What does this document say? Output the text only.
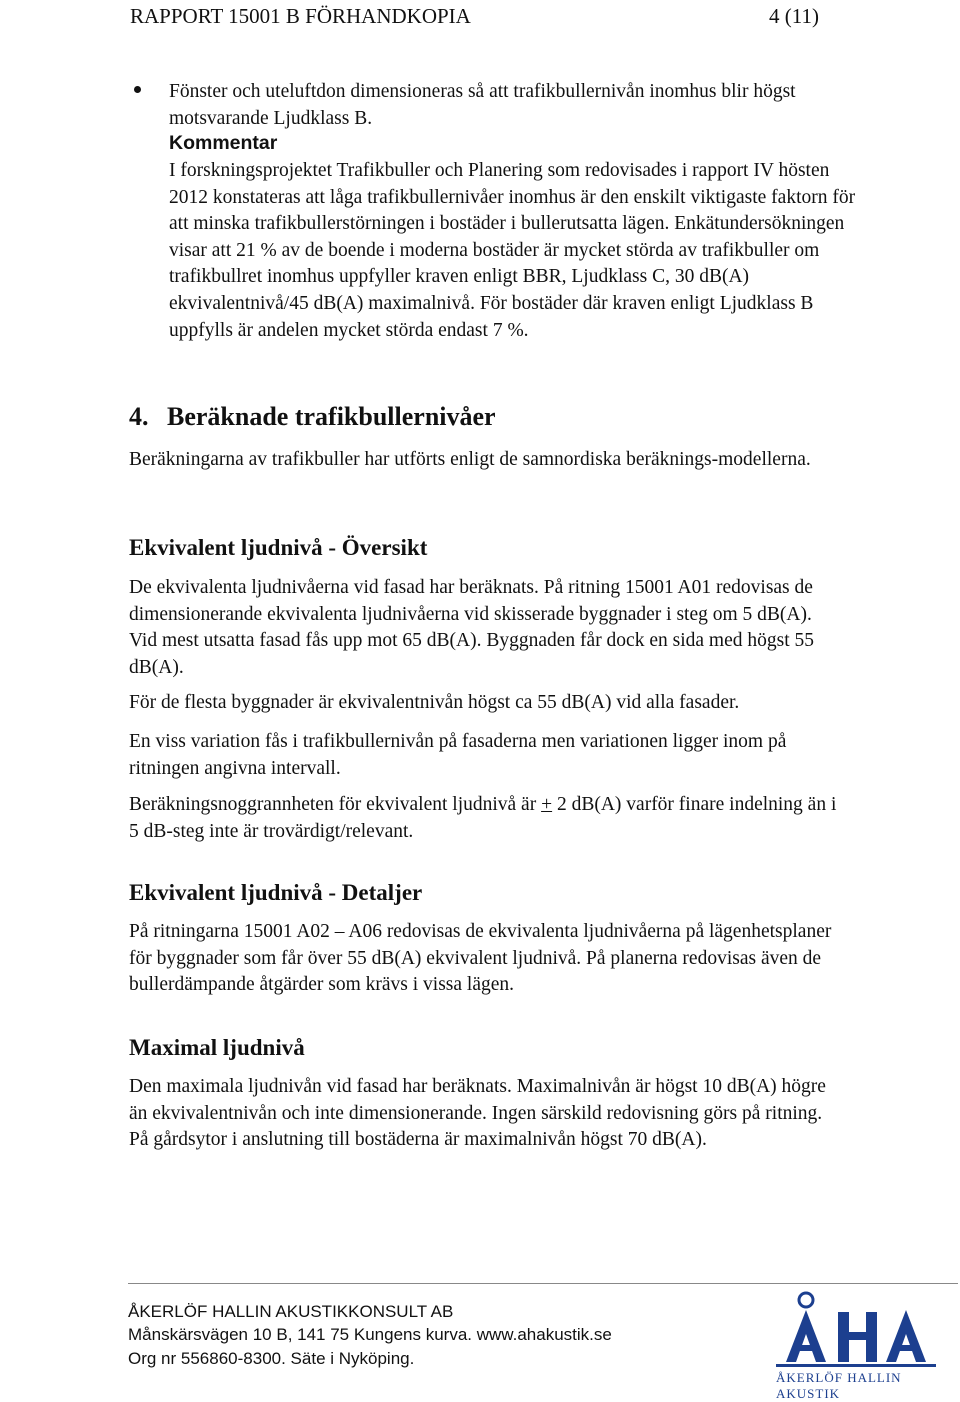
RAPPORT 15001 B FÖRHANDKOPIA	4 (11)
Fönster och uteluftdon dimensioneras så att trafikbullernivån inomhus blir högst motsvarande Ljudklass B.
Kommentar
I forskningsprojektet Trafikbuller och Planering som redovisades i rapport IV hösten 2012 konstateras att låga trafikbullernivåer inomhus är den enskilt viktigaste faktorn för att minska trafikbullerstörningen i bostäder i bullerutsatta lägen. Enkätundersökningen visar att 21 % av de boende i moderna bostäder är mycket störda av trafikbuller om trafikbullret inomhus uppfyller kraven enligt BBR, Ljudklass C, 30 dB(A) ekvivalentnivå/45 dB(A) maximalnivå. För bostäder där kraven enligt Ljudklass B uppfylls är andelen mycket störda endast 7 %.
4. Beräknade trafikbullernivåer
Beräkningarna av trafikbuller har utförts enligt de samnordiska beräknings-modellerna.
Ekvivalent ljudnivå - Översikt
De ekvivalenta ljudnivåerna vid fasad har beräknats. På ritning 15001 A01 redovisas de dimensionerande ekvivalenta ljudnivåerna vid skisserade byggnader i steg om 5 dB(A). Vid mest utsatta fasad fås upp mot 65 dB(A). Byggnaden får dock en sida med högst 55 dB(A).
För de flesta byggnader är ekvivalentnivån högst ca 55 dB(A) vid alla fasader.
En viss variation fås i trafikbullernivån på fasaderna men variationen ligger inom på ritningen angivna intervall.
Beräkningsnoggrannheten för ekvivalent ljudnivå är + 2 dB(A) varför finare indelning än i 5 dB-steg inte är trovärdigt/relevant.
Ekvivalent ljudnivå - Detaljer
På ritningarna 15001 A02 – A06 redovisas de ekvivalenta ljudnivåerna på lägenhetsplaner för byggnader som får över 55 dB(A) ekvivalent ljudnivå. På planerna redovisas även de bullerdämpande åtgärder som krävs i vissa lägen.
Maximal ljudnivå
Den maximala ljudnivån vid fasad har beräknats. Maximalnivån är högst 10 dB(A) högre än ekvivalentnivån och inte dimensionerande. Ingen särskild redovisning görs på ritning. På gårdsytor i anslutning till bostäderna är maximalnivån högst 70 dB(A).
ÅKERLÖF HALLIN AKUSTIKKONSULT AB
Månskärsvägen 10 B, 141 75 Kungens kurva. www.ahakustik.se
Org nr 556860-8300. Säte i Nyköping.
ÅKERLÖF HALLIN AKUSTIK
